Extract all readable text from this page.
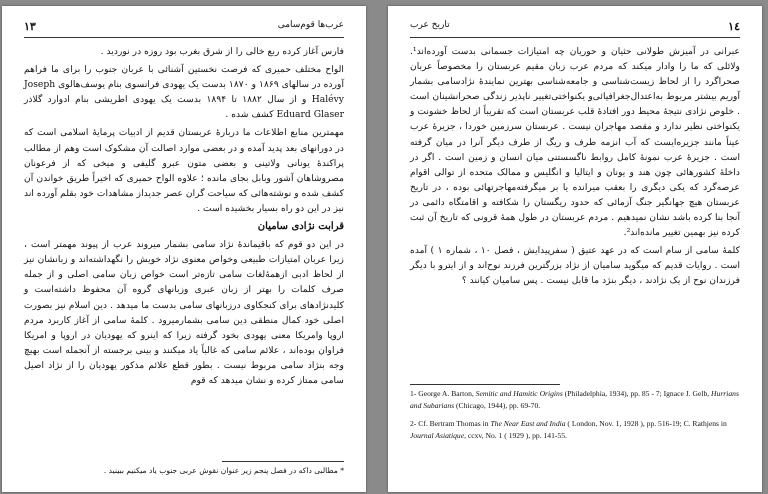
۱۳	عرب‌ها قوم‌سامی

فارس آغاز کرده ربع خالی را از شرق بغرب بود روزه در نوردید .

الواح مختلف حمیری که فرصت نخستین آشنائی با عربان جنوب را برای ما فراهم آورده در سالهای ۱۸۶۹ و ۱۸۷۰ بدست یک یهودی فرانسوی بنام یوسف‌هالوی Joseph Halévy و از سال ۱۸۸۲ تا ۱۸۹۴ بدست یک یهودی اطریشی بنام ادوارد گلاذر Eduard Glaser کشف شده .

مهمترین منابع اطلاعات ما دربارهٔ عربستان قدیم از ادبیات پرمایهٔ اسلامی است که در دورانهای بعد پدید آمده و در بعضی موارد اصالت آن مشکوک است وهم از مطالب پراکندهٔ یونانی ولاتینی و بعضی متون عبرو گلیفی و میخی که از فرعونان مصروشاهان آشور وبابل بجای مانده ؛ علاوه الواح حمیری که اخیراً طریق خواندن آن کشف شده و نوشته‌هائی که سیاحت گران عصر جدیداز مشاهدات خود بقلم آورده اند نیز در این دو راه بسیار بخشیده است .

قرابت نژادی ساميان

در این دو قوم که باقیماندهٔ نژاد سامی بشمار میروند عرب از پیوند مهمتر است ، زیرا عربان امتیازات طبیعی وخواص معنوی نژاد خویش را نگهداشته‌اند و زبانشان نیز از لحاظ ادبی ازهمهٔ‌لغات سامی تازه‌تر است خواص زبان سامی اصلی و از جمله صرف کلمات را بهتر از زبان عبری وزبانهای گروه آن محفوظ داشته‌است و کلیدنژادهای برای کنجکاوی درزبانهای سامی بدست ما میدهد . دین اسلام نیز بصورت اصلی خود کمال منطقی دین سامی بشمارمیرود . کلمهٔ سامی از آغاز کاربرد مردم اروپا وامریکا معنی یهودی بخود گرفته زیرا که اینرو که یهودیان در اروپا و امریکا فراوان بوده‌اند ، علائم سامی که غالباً یاد میکنند و بینی برجسته از آنجمله است بهیچ وجه بنژاد سامی مربوط نیست . بطور قطع علائم مذکور یهودیان را از نژاد اصیل سامی ممتاز کرده و نشان میدهد که قوم

* مطالبی داکه در فصل پنجم زیر عنوان نقوش عربی جنوب یاد میکنیم ببینید .
١٤
تاریخ عرب

عبرانی در آمیزش طولانی حثیان و حوریان چه امتیازات جسمانی بدست آورده‌اند¹. ولائلی که ما را وادار میکند که مردم عرب زبان مقیم عربستان را مخصوصاً عربان صحراگرد را از لحاظ زیست‌شناسی و جامعه‌شناسی بهترین نمایندهٔ نژادسامی بشمار آوریم بیشتر مربوط به‌اعتدال‌جغرافیائی‌و یکنواختی‌تغییر ناپذیر زندگی صحرانشینان است . خلوص نژادی نتیجهٔ محیط دور افتادهٔ قلب عربستان است که تقریباً از لحاظ خشونت و یکنواختی نظیر ندارد و مقصد مهاجران نیست . عربستان سرزمین خوردا ، جزیرهٔ عرب عیناً مانند جزیره‌ایست که آب انزمه طرف و ریگ از طرف دیگر آنرا در میان گرفته است . جزیرهٔ عرب نمونهٔ کامل روابط ناگسستنی میان انسان و زمین است . اگر در داخلهٔ کشورهائی چون هند و یونان و ایتالیا و انگلیس و ممالک متحده از توالی اقوام عرصه‌گرد که یکی دیگری را بعقب میرانده یا بر میگرفته‌مهاجرتهائی بوده ، در تاریخ عربستان هیچ جهانگیر جنگ آزمائی که حدود ریگستان را شکافته و اقامتگاه دائمی در آنجا بنا کرده باشد نشان نمیدهیم . مردم عربستان در طول همهٔ قرونی که تاریخ آن ثبت کرده نیز بهمین تغییر مانده‌اند².

کلمهٔ سامی از سام است که در عهد عتیق ( سفرپیدایش ، فصل ۱۰ ، شماره ۱ ) آمده است . روایات قدیم که میگوید ساميان از نژاد بزرگترین فرزند نوح‌اند و از ایترو با دیگر فرزندان نوح از یک نژادند ، دیگر بنژد ما قابل نیست . پس سامیان کیانند ؟

1- George A. Barton, Semitic and Hamitic Origins (Philadelphia, 1934), pp. 85 - 7; Ignace J. Gelb, Hurrians and Subarians (Chicago, 1944), pp. 69-70.
2- Cf. Bertram Thomas in The Near East and India ( London, Nov. 1, 1928 ), pp. 516-19; C. Rathjens in Journal Asiatique, ccxv, No. 1 ( 1929 ), pp. 141-55.
